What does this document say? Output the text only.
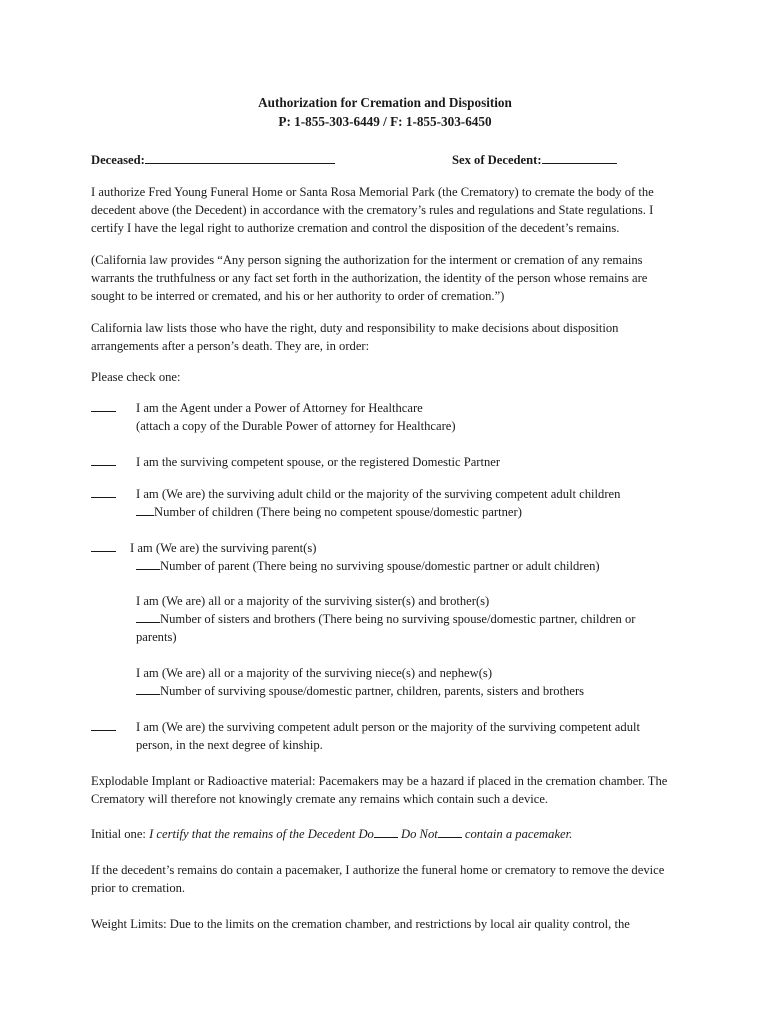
Authorization for Cremation and Disposition
P: 1-855-303-6449 / F: 1-855-303-6450
Deceased:	Sex of Decedent:
I authorize Fred Young Funeral Home or Santa Rosa Memorial Park (the Crematory) to cremate the body of the
decedent above (the Decedent) in accordance with the crematory’s rules and regulations and State regulations. I
certify I have the legal right to authorize cremation and control the disposition of the decedent’s remains.
(California law provides “Any person signing the authorization for the interment or cremation of any remains
warrants the truthfulness or any fact set forth in the authorization, the identity of the person whose remains are
sought to be interred or cremated, and his or her authority to order of cremation.”)
California law lists those who have the right, duty and responsibility to make decisions about disposition
arrangements after a person’s death. They are, in order:
Please check one:
I am the Agent under a Power of Attorney for Healthcare
(attach a copy of the Durable Power of attorney for Healthcare)
I am the surviving competent spouse, or the registered Domestic Partner
I am (We are) the surviving adult child or the majority of the surviving competent adult children
Number of children (There being no competent spouse/domestic partner)
I am (We are) the surviving parent(s)
Number of parent (There being no surviving spouse/domestic partner or adult children)
I am (We are) all or a majority of the surviving sister(s) and brother(s)
Number of sisters and brothers (There being no surviving spouse/domestic partner, children or
parents)
I am (We are) all or a majority of the surviving niece(s) and nephew(s)
Number of surviving spouse/domestic partner, children, parents, sisters and brothers
I am (We are) the surviving competent adult person or the majority of the surviving competent adult
person, in the next degree of kinship.
Explodable Implant or Radioactive material: Pacemakers may be a hazard if placed in the cremation chamber. The
Crematory will therefore not knowingly cremate any remains which contain such a device.
Initial one: I certify that the remains of the Decedent Do Do Not contain a pacemaker.
If the decedent’s remains do contain a pacemaker, I authorize the funeral home or crematory to remove the device
prior to cremation.
Weight Limits: Due to the limits on the cremation chamber, and restrictions by local air quality control, the
